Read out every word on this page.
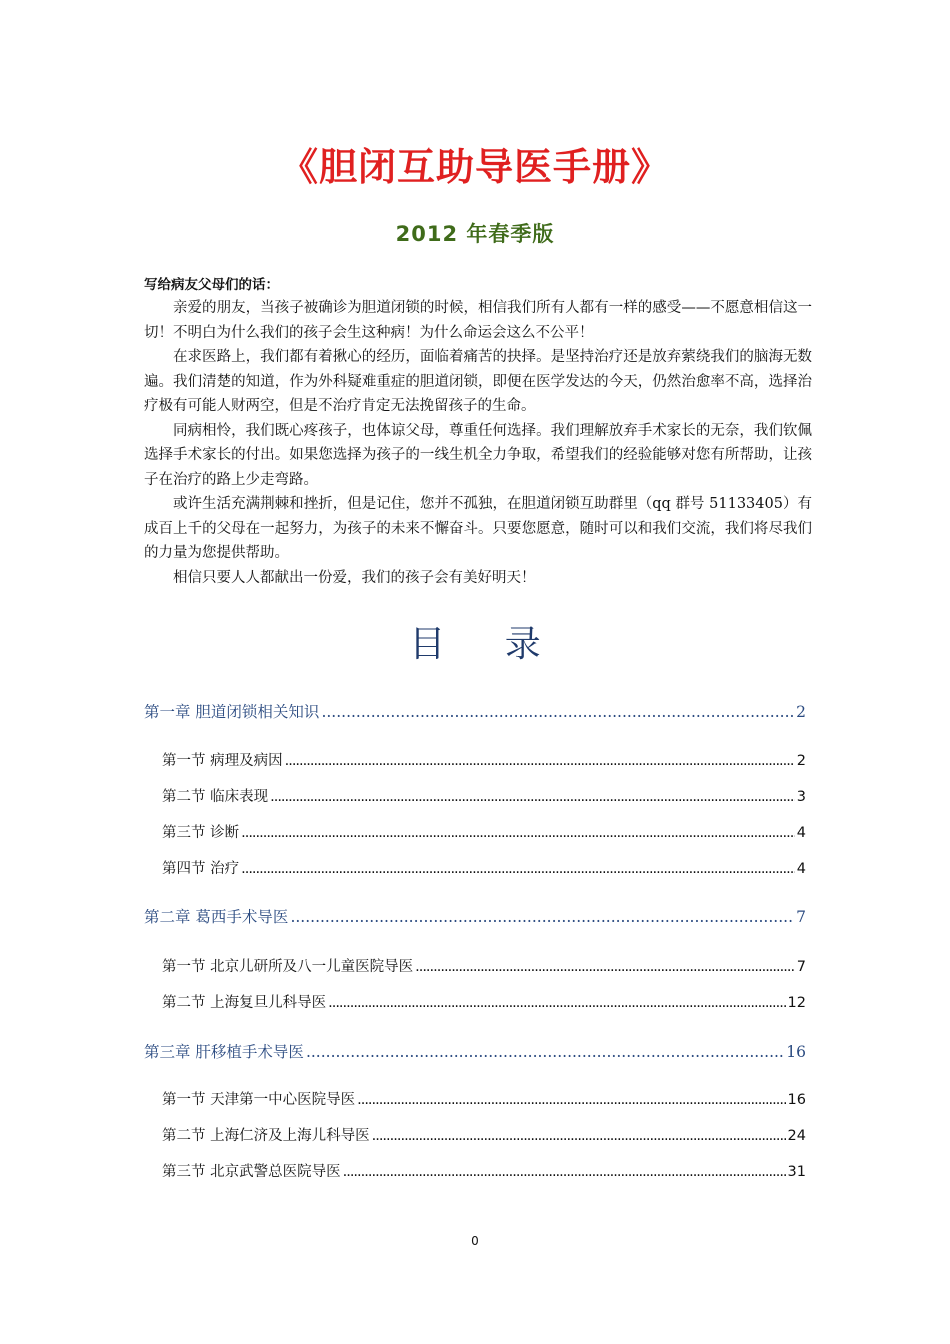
《胆闭互助导医手册》
2012 年春季版
写给病友父母们的话：

亲爱的朋友，当孩子被确诊为胆道闭锁的时候，相信我们所有人都有一样的感受——不愿意相信这一切！不明白为什么我们的孩子会生这种病！为什么命运会这么不公平！

在求医路上，我们都有着揪心的经历，面临着痛苦的抉择。是坚持治疗还是放弃萦绕我们的脑海无数遍。我们清楚的知道，作为外科疑难重症的胆道闭锁，即便在医学发达的今天，仍然治愈率不高，选择治疗极有可能人财两空，但是不治疗肯定无法挽留孩子的生命。

同病相怜，我们既心疼孩子，也体谅父母，尊重任何选择。我们理解放弃手术家长的无奈，我们钦佩选择手术家长的付出。如果您选择为孩子的一线生机全力争取，希望我们的经验能够对您有所帮助，让孩子在治疗的路上少走弯路。

或许生活充满荆棘和挫折，但是记住，您并不孤独，在胆道闭锁互助群里（qq 群号 51133405）有成百上千的父母在一起努力，为孩子的未来不懈奋斗。只要您愿意，随时可以和我们交流，我们将尽我们的力量为您提供帮助。

相信只要人人都献出一份爱，我们的孩子会有美好明天！

目 录
第一章 胆道闭锁相关知识 .....	2
第一节 病理及病因 .....	2
第二节 临床表现 .....	3
第三节 诊断 .....	4
第四节 治疗 .....	4
第二章 葛西手术导医 .....	7
第一节 北京儿研所及八一儿童医院导医 .....	7
第二节 上海复旦儿科导医 .....	12
第三章 肝移植手术导医 .....	16
第一节 天津第一中心医院导医 .....	16
第二节 上海仁济及上海儿科导医 .....	24
第三节 北京武警总医院导医 .....	31
0
